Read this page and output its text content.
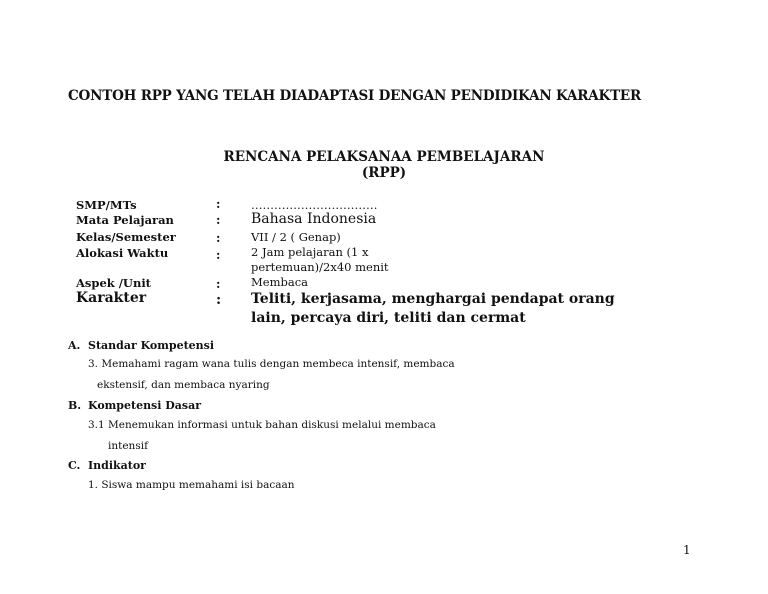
CONTOH RPP YANG TELAH DIADAPTASI DENGAN PENDIDIKAN KARAKTER
RENCANA PELAKSANAA PEMBELAJARAN
(RPP)
SMP/MTs	:	……………………………
Mata Pelajaran	: Bahasa Indonesia
Kelas/Semester	:	VII / 2 ( Genap)
Alokasi Waktu	:	2 Jam pelajaran (1 x pertemuan)/2x40 menit
Aspek /Unit	:	Membaca
Karakter	: Teliti, kerjasama, menghargai pendapat orang lain, percaya diri, teliti dan cermat
A. Standar Kompetensi
3. Memahami ragam wana tulis dengan membeca intensif, membaca
ekstensif, dan membaca nyaring
B. Kompetensi Dasar
3.1 Menemukan informasi untuk bahan diskusi melalui membaca
intensif
C. Indikator
1. Siswa mampu memahami isi bacaan
1
